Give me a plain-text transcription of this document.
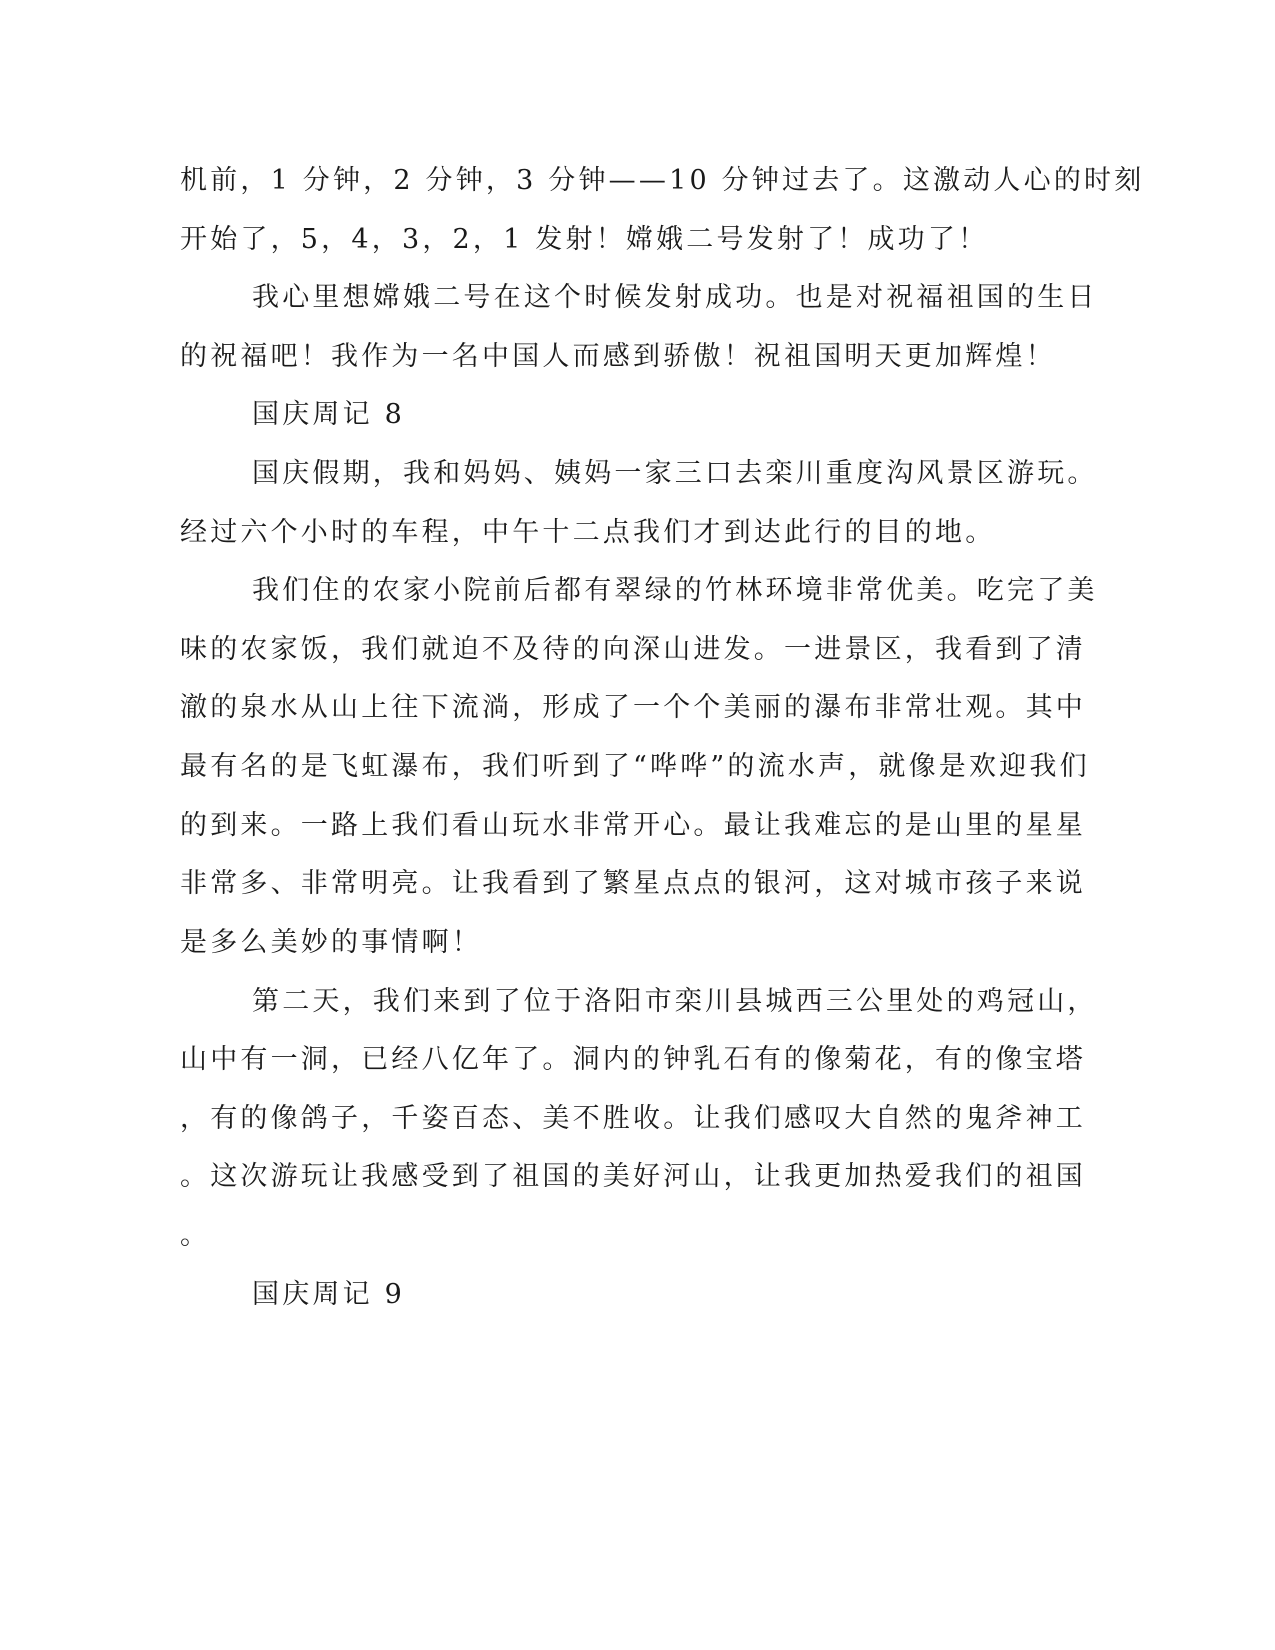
机前，1 分钟，2 分钟，3 分钟——10 分钟过去了。这激动人心的时刻
开始了，5，4，3，2，1 发射！嫦娥二号发射了！成功了！
我心里想嫦娥二号在这个时候发射成功。也是对祝福祖国的生日
的祝福吧！我作为一名中国人而感到骄傲！祝祖国明天更加辉煌！
国庆周记 8
国庆假期，我和妈妈、姨妈一家三口去栾川重度沟风景区游玩。
经过六个小时的车程，中午十二点我们才到达此行的目的地。
我们住的农家小院前后都有翠绿的竹林环境非常优美。吃完了美
味的农家饭，我们就迫不及待的向深山进发。一进景区，我看到了清
澈的泉水从山上往下流淌，形成了一个个美丽的瀑布非常壮观。其中
最有名的是飞虹瀑布，我们听到了“哗哗”的流水声，就像是欢迎我们
的到来。一路上我们看山玩水非常开心。最让我难忘的是山里的星星
非常多、非常明亮。让我看到了繁星点点的银河，这对城市孩子来说
是多么美妙的事情啊！
第二天，我们来到了位于洛阳市栾川县城西三公里处的鸡冠山，
山中有一洞，已经八亿年了。洞内的钟乳石有的像菊花，有的像宝塔
，有的像鸽子，千姿百态、美不胜收。让我们感叹大自然的鬼斧神工
。这次游玩让我感受到了祖国的美好河山，让我更加热爱我们的祖国
。
国庆周记 9
